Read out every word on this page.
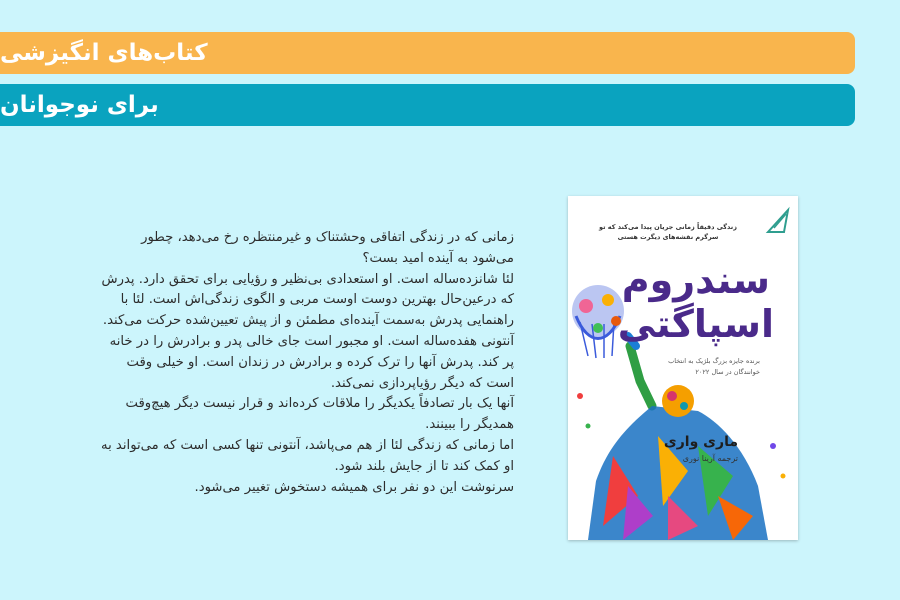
کتاب‌های انگیزشی
برای نوجوانان

زمانی که در زندگی اتفاقی وحشتناک و غیرمنتظره رخ می‌دهد، چطور می‌شود به آینده امید بست؟

لئا شانزده‌ساله است. او استعدادی بی‌نظیر و رؤیایی برای تحقق دارد. پدرش که درعین‌حال بهترین دوست اوست مربی و الگوی زندگی‌اش است. لئا با راهنمایی پدرش به‌سمت آینده‌ای مطمئن و از پیش تعیین‌شده حرکت می‌کند.

آنتونی هفده‌ساله است. او مجبور است جای خالی پدر و برادرش را در خانه پر کند. پدرش آنها را ترک کرده و برادرش در زندان است. او خیلی وقت است که دیگر رؤیاپردازی نمی‌کند.

آنها یک بار تصادفاً یکدیگر را ملاقات کرده‌اند و قرار نیست دیگر هیچ‌وقت همدیگر را ببینند.

اما زمانی که زندگی لئا از هم می‌پاشد، آنتونی تنها کسی است که می‌تواند به او کمک کند تا از جایش بلند شود.

سرنوشت این دو نفر برای همیشه دستخوش تغییر می‌شود.

زندگی دقیقاً زمانی جریان پیدا می‌کند که تو سرگرم نقشه‌های دیگرت هستی
سندروم
اسپاگتی
برنده جایزه بزرگ بلژیک به انتخاب خوانندگان در سال ۲۰۲۲
ماری واری
ترجمه آرینا نوری
